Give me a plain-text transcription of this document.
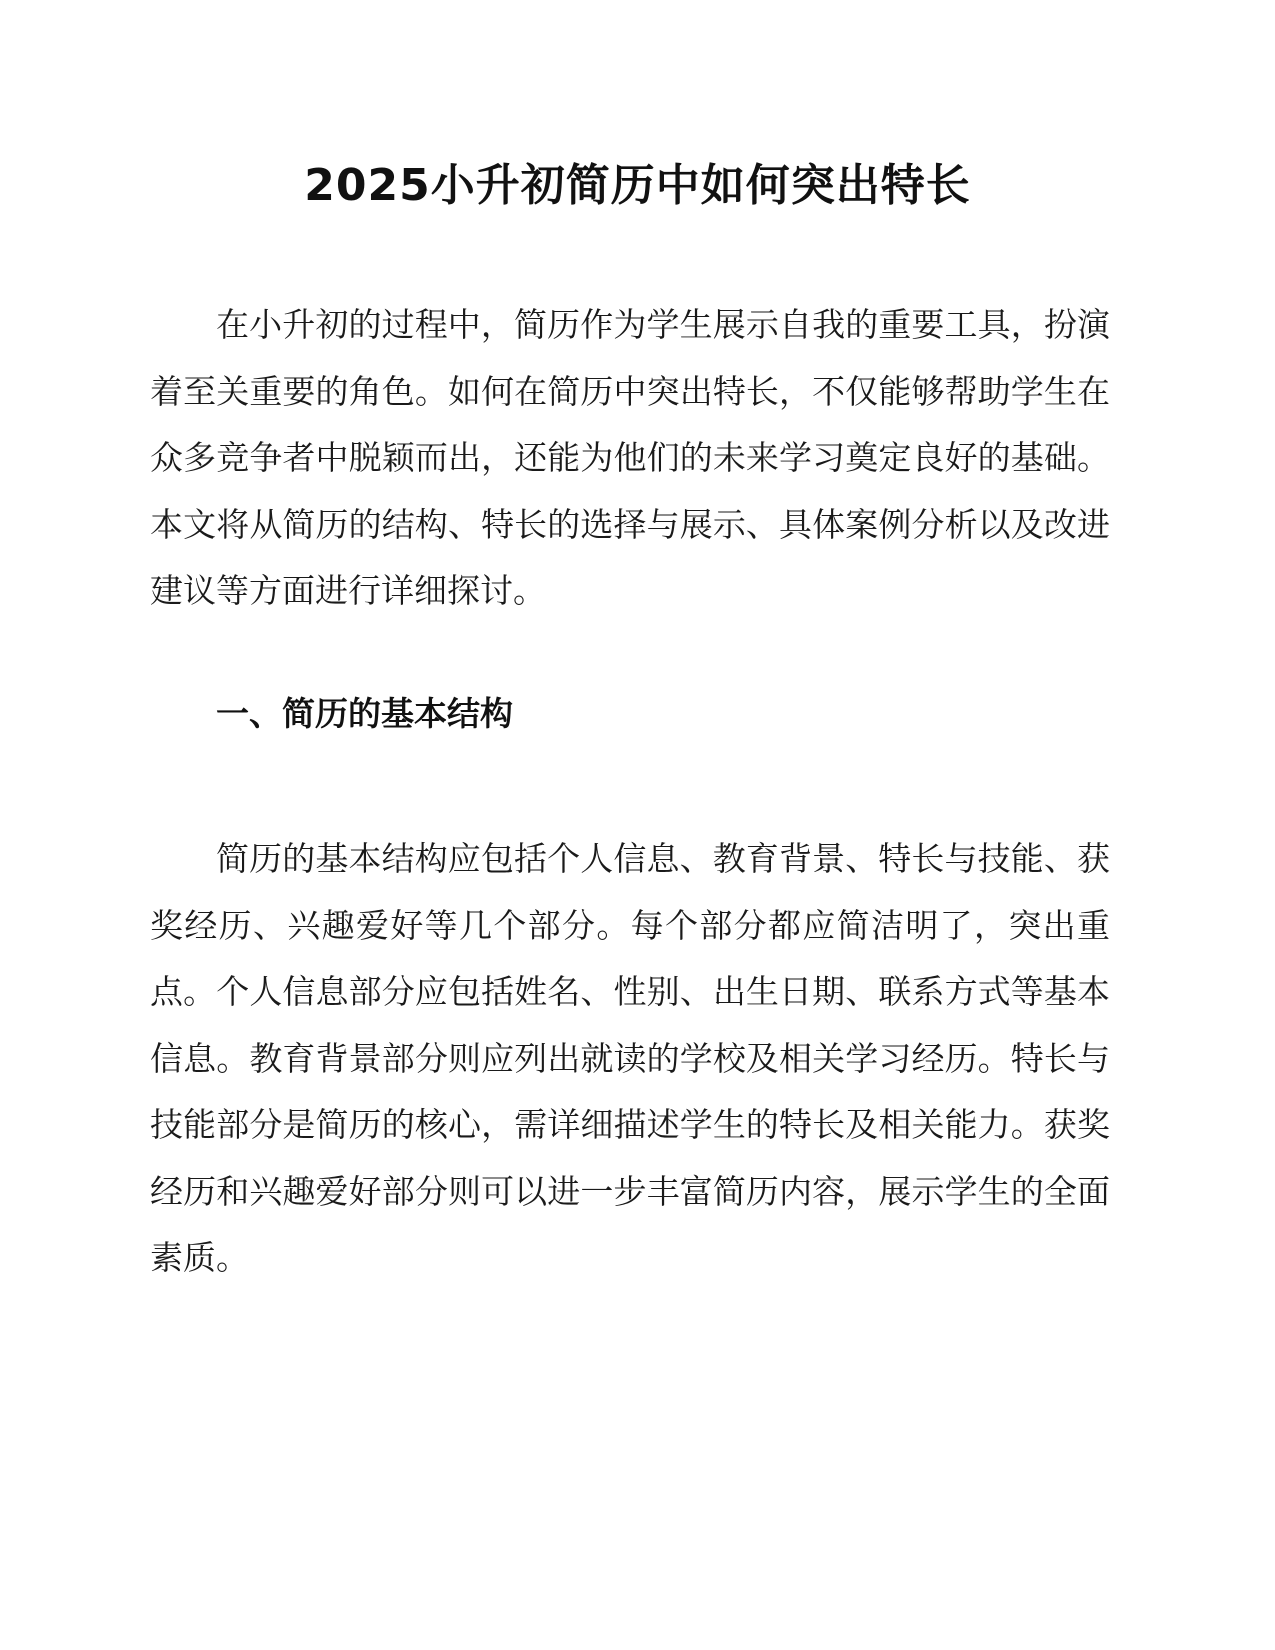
2025小升初简历中如何突出特长

在小升初的过程中，简历作为学生展示自我的重要工具，扮演着至关重要的角色。如何在简历中突出特长，不仅能够帮助学生在众多竞争者中脱颖而出，还能为他们的未来学习奠定良好的基础。本文将从简历的结构、特长的选择与展示、具体案例分析以及改进建议等方面进行详细探讨。

一、简历的基本结构

简历的基本结构应包括个人信息、教育背景、特长与技能、获奖经历、兴趣爱好等几个部分。每个部分都应简洁明了，突出重点。个人信息部分应包括姓名、性别、出生日期、联系方式等基本信息。教育背景部分则应列出就读的学校及相关学习经历。特长与技能部分是简历的核心，需详细描述学生的特长及相关能力。获奖经历和兴趣爱好部分则可以进一步丰富简历内容，展示学生的全面素质。
